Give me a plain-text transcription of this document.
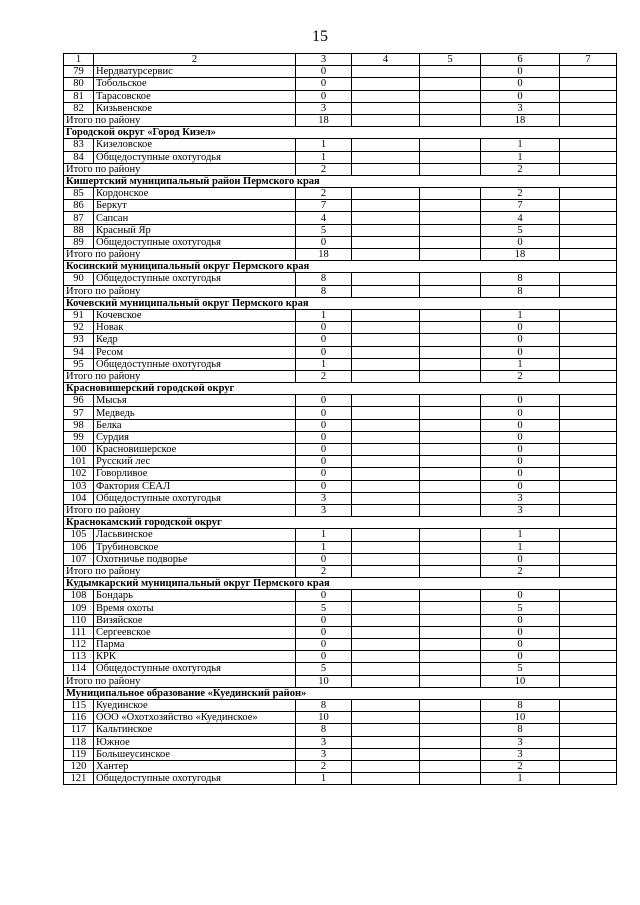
15
1	2	3	4	5	6	7
79	Нердватурсервис	0			0	
80	Тобольское	0			0	
81	Тарасовское	0			0	
82	Кизьвенское	3			3	
Итого по району		18			18	
Городской округ «Город Кизел»						
83	Кизеловское	1			1	
84	Общедоступные охотугодья	1			1	
Итого по району		2			2	
Кишертский муниципальный район Пермского края						
85	Кордонское	2			2	
86	Беркут	7			7	
87	Сапсан	4			4	
88	Красный Яр	5			5	
89	Общедоступные охотугодья	0			0	
Итого по району		18			18	
Косинский муниципальный округ Пермского края						
90	Общедоступные охотугодья	8			8	
Итого по району		8			8	
Кочевский муниципальный округ Пермского края						
91	Кочевское	1			1	
92	Новак	0			0	
93	Кедр	0			0	
94	Ресом	0			0	
95	Общедоступные охотугодья	1			1	
Итого по району		2			2	
Красновишерский городской округ						
96	Мысья	0			0	
97	Медведь	0			0	
98	Белка	0			0	
99	Сурдия	0			0	
100	Красновишерское	0			0	
101	Русский лес	0			0	
102	Говорливое	0			0	
103	Фактория СЕАЛ	0			0	
104	Общедоступные охотугодья	3			3	
Итого по району		3			3	
Краснокамский городской округ						
105	Ласьвинское	1			1	
106	Трубиновское	1			1	
107	Охотничье подворье	0			0	
Итого по району		2			2	
Кудымкарский муниципальный округ Пермского края						
108	Бондарь	0			0	
109	Время охоты	5			5	
110	Визяйское	0			0	
111	Сергеевское	0			0	
112	Парма	0			0	
113	КРК	0			0	
114	Общедоступные охотугодья	5			5	
Итого по району		10			10	
Муниципальное образование «Куединский район»						
115	Куединское	8			8	
116	ООО «Охотхозяйство «Куединское»	10			10	
117	Кальтинское	8			8	
118	Южное	3			3	
119	Большеусинское	3			3	
120	Хантер	2			2	
121	Общедоступные охотугодья	1			1	
